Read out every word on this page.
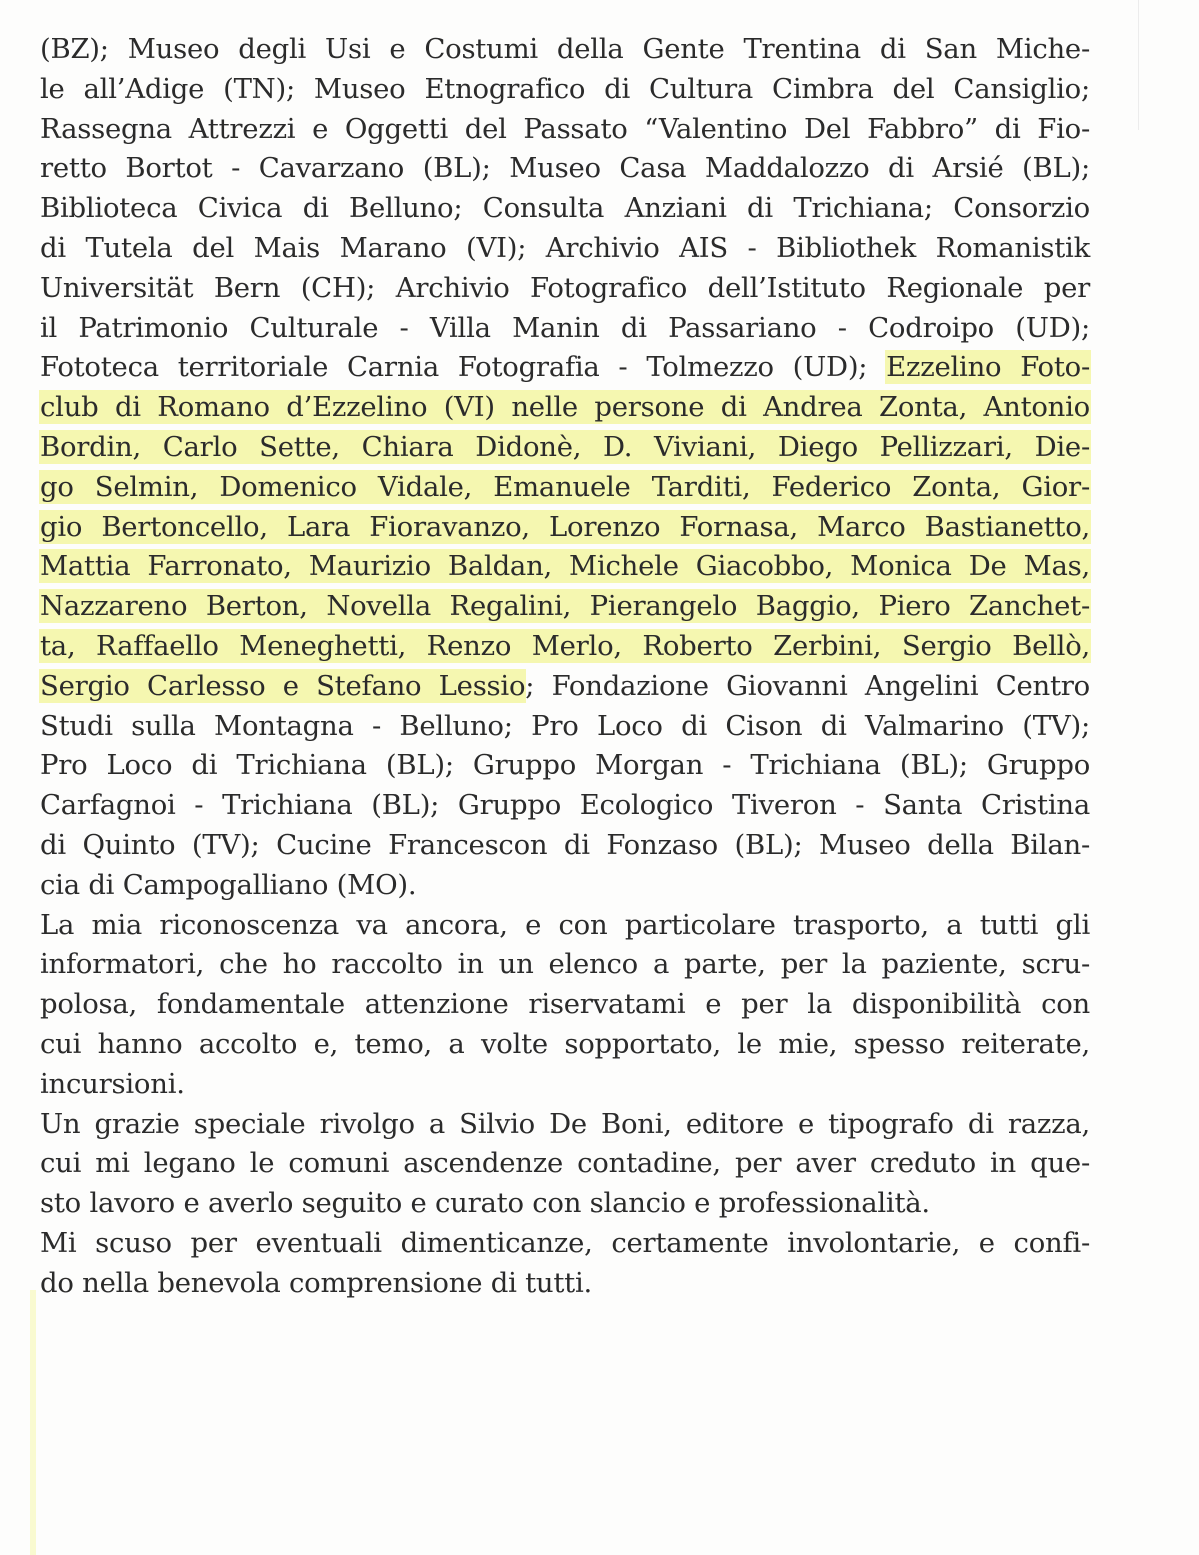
(BZ); Museo degli Usi e Costumi della Gente Trentina di San Miche-
le all’Adige (TN); Museo Etnografico di Cultura Cimbra del Cansiglio;
Rassegna Attrezzi e Oggetti del Passato “Valentino Del Fabbro” di Fio-
retto Bortot - Cavarzano (BL); Museo Casa Maddalozzo di Arsié (BL);
Biblioteca Civica di Belluno; Consulta Anziani di Trichiana; Consorzio
di Tutela del Mais Marano (VI); Archivio AIS - Bibliothek Romanistik
Universität Bern (CH); Archivio Fotografico dell’Istituto Regionale per
il Patrimonio Culturale - Villa Manin di Passariano - Codroipo (UD);
Fototeca territoriale Carnia Fotografia - Tolmezzo (UD); Ezzelino Foto-
club di Romano d’Ezzelino (VI) nelle persone di Andrea Zonta, Antonio
Bordin, Carlo Sette, Chiara Didonè, D. Viviani, Diego Pellizzari, Die-
go Selmin, Domenico Vidale, Emanuele Tarditi, Federico Zonta, Gior-
gio Bertoncello, Lara Fioravanzo, Lorenzo Fornasa, Marco Bastianetto,
Mattia Farronato, Maurizio Baldan, Michele Giacobbo, Monica De Mas,
Nazzareno Berton, Novella Regalini, Pierangelo Baggio, Piero Zanchet-
ta, Raffaello Meneghetti, Renzo Merlo, Roberto Zerbini, Sergio Bellò,
Sergio Carlesso e Stefano Lessio; Fondazione Giovanni Angelini Centro
Studi sulla Montagna - Belluno; Pro Loco di Cison di Valmarino (TV);
Pro Loco di Trichiana (BL); Gruppo Morgan - Trichiana (BL); Gruppo
Carfagnoi - Trichiana (BL); Gruppo Ecologico Tiveron - Santa Cristina
di Quinto (TV); Cucine Francescon di Fonzaso (BL); Museo della Bilan-
cia di Campogalliano (MO).
La mia riconoscenza va ancora, e con particolare trasporto, a tutti gli
informatori, che ho raccolto in un elenco a parte, per la paziente, scru-
polosa, fondamentale attenzione riservatami e per la disponibilità con
cui hanno accolto e, temo, a volte sopportato, le mie, spesso reiterate,
incursioni.
Un grazie speciale rivolgo a Silvio De Boni, editore e tipografo di razza,
cui mi legano le comuni ascendenze contadine, per aver creduto in que-
sto lavoro e averlo seguito e curato con slancio e professionalità.
Mi scuso per eventuali dimenticanze, certamente involontarie, e confi-
do nella benevola comprensione di tutti.
